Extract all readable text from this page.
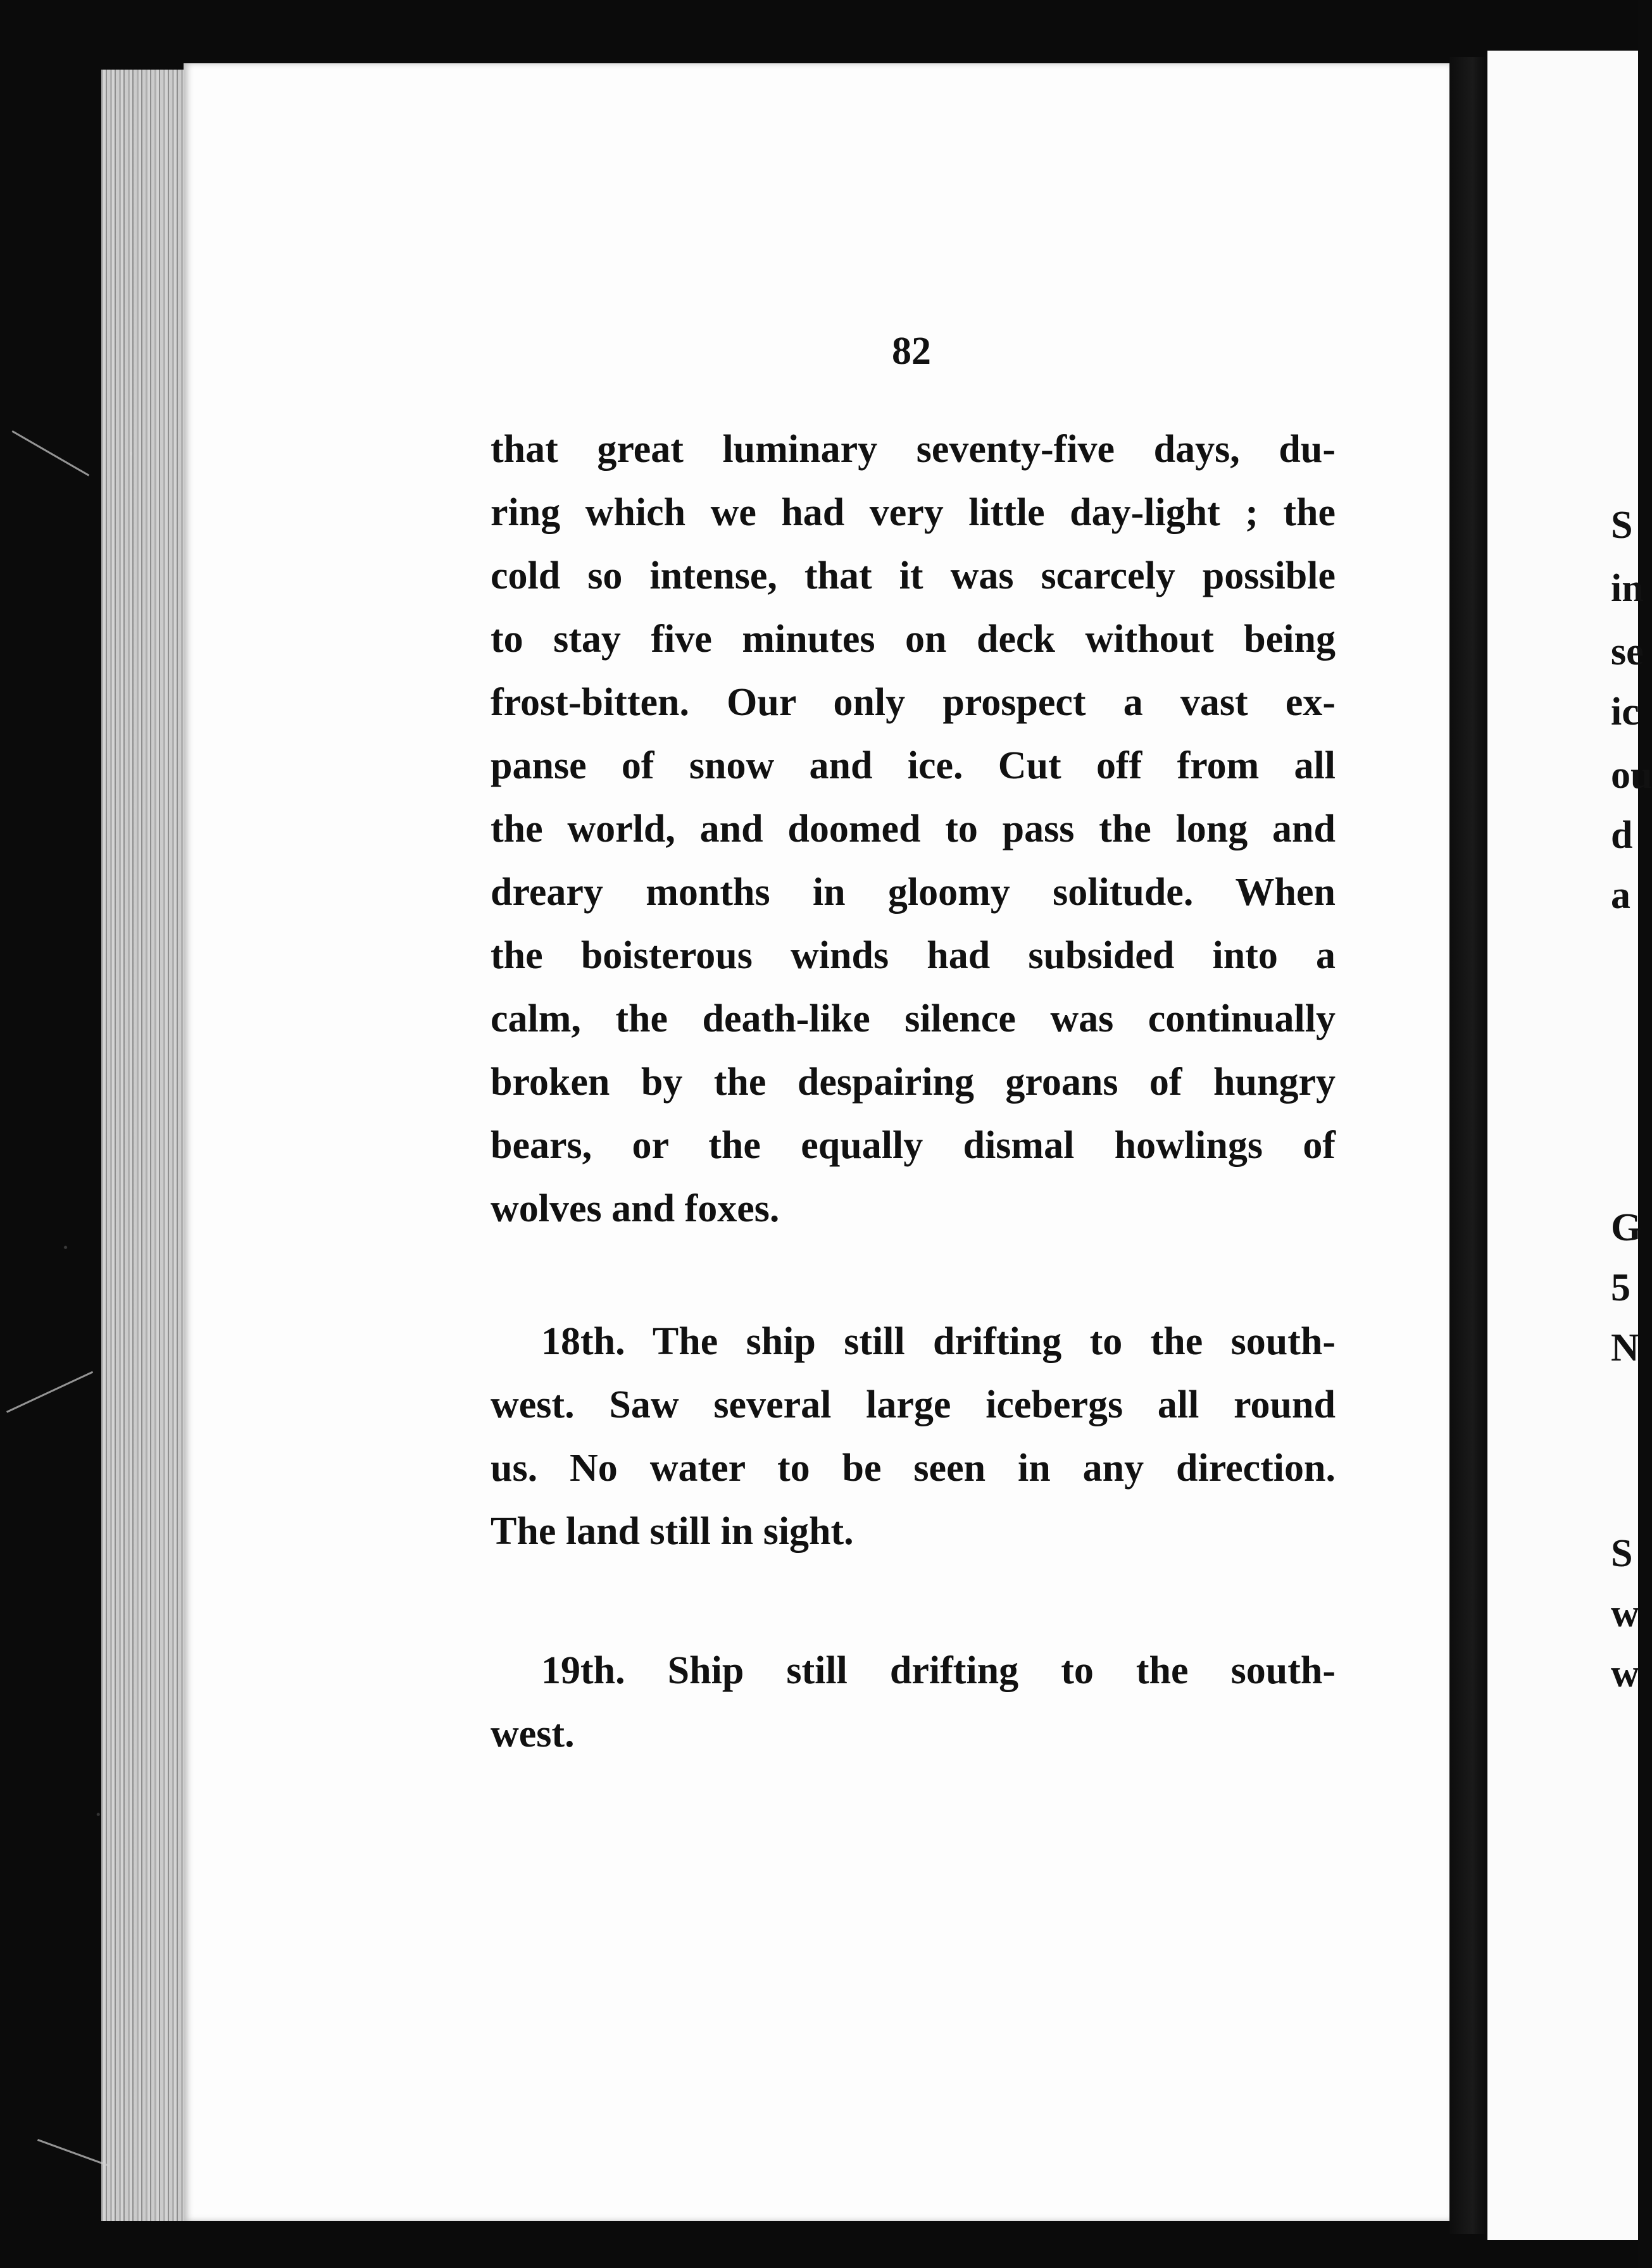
82
that great luminary seventy-five days, du-
ring which we had very little day-light ; the
cold so intense, that it was scarcely possible
to stay five minutes on deck without being
frost-bitten. Our only prospect a vast ex-
panse of snow and ice. Cut off from all
the world, and doomed to pass the long and
dreary months in gloomy solitude. When
the boisterous winds had subsided into a
calm, the death-like silence was continually
broken by the despairing groans of hungry
bears, or the equally dismal howlings of
wolves and foxes.
18th. The ship still drifting to the south-
west. Saw several large icebergs all round
us. No water to be seen in any direction.
The land still in sight.
19th. Ship still drifting to the south-
west.
S
in
se
ic
ou
d
a
G
5
N
S
w
w
